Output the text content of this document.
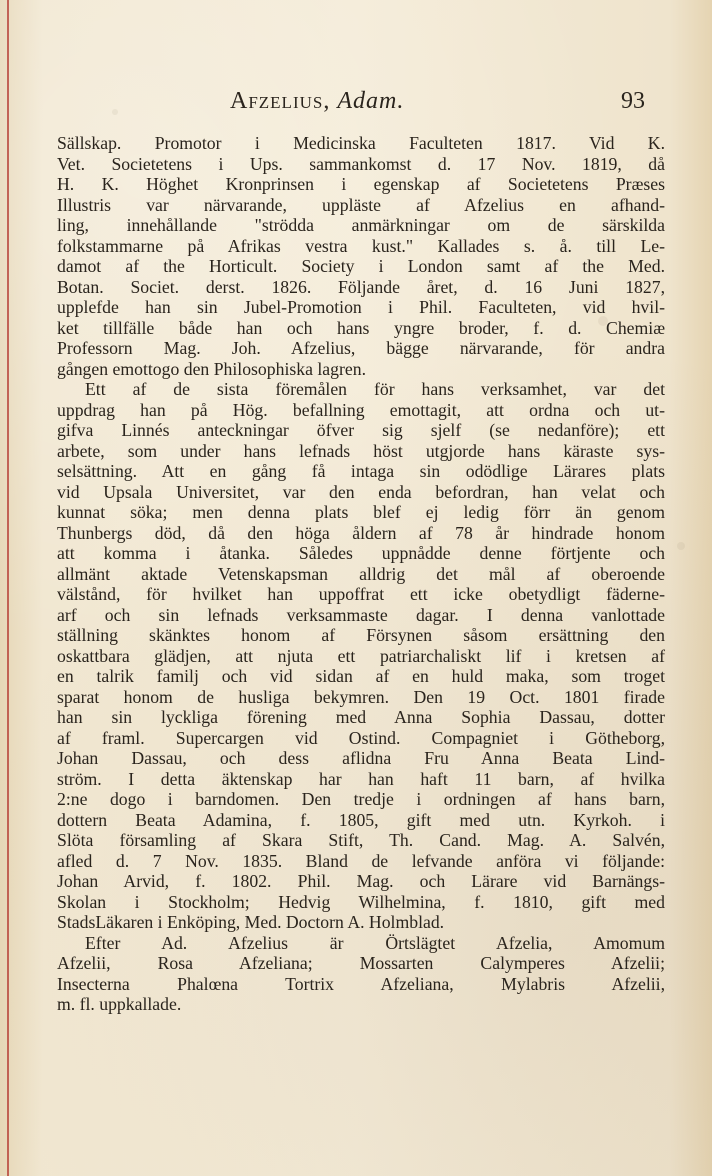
Afzelius, Adam.	93
Sällskap. Promotor i Medicinska Faculteten 1817. Vid K.
Vet. Societetens i Ups. sammankomst d. 17 Nov. 1819, då
H. K. Höghet Kronprinsen i egenskap af Societetens Præses
Illustris var närvarande, uppläste af Afzelius en afhand-
ling, innehållande "strödda anmärkningar om de särskilda
folkstammarne på Afrikas vestra kust." Kallades s. å. till Le-
damot af the Horticult. Society i London samt af the Med.
Botan. Societ. derst. 1826. Följande året, d. 16 Juni 1827,
upplefde han sin Jubel-Promotion i Phil. Faculteten, vid hvil-
ket tillfälle både han och hans yngre broder, f. d. Chemiæ
Professorn Mag. Joh. Afzelius, bägge närvarande, för andra
gången emottogo den Philosophiska lagren.
Ett af de sista föremålen för hans verksamhet, var det
uppdrag han på Hög. befallning emottagit, att ordna och ut-
gifva Linnés anteckningar öfver sig sjelf (se nedanföre); ett
arbete, som under hans lefnads höst utgjorde hans käraste sys-
selsättning. Att en gång få intaga sin odödlige Lärares plats
vid Upsala Universitet, var den enda befordran, han velat och
kunnat söka; men denna plats blef ej ledig förr än genom
Thunbergs död, då den höga åldern af 78 år hindrade honom
att komma i åtanka. Således uppnådde denne förtjente och
allmänt aktade Vetenskapsman alldrig det mål af oberoende
välstånd, för hvilket han uppoffrat ett icke obetydligt fäderne-
arf och sin lefnads verksammaste dagar. I denna vanlottade
ställning skänktes honom af Försynen såsom ersättning den
oskattbara glädjen, att njuta ett patriarchaliskt lif i kretsen af
en talrik familj och vid sidan af en huld maka, som troget
sparat honom de husliga bekymren. Den 19 Oct. 1801 firade
han sin lyckliga förening med Anna Sophia Dassau, dotter
af framl. Supercargen vid Ostind. Compagniet i Götheborg,
Johan Dassau, och dess aflidna Fru Anna Beata Lind-
ström. I detta äktenskap har han haft 11 barn, af hvilka
2:ne dogo i barndomen. Den tredje i ordningen af hans barn,
dottern Beata Adamina, f. 1805, gift med utn. Kyrkoh. i
Slöta församling af Skara Stift, Th. Cand. Mag. A. Salvén,
afled d. 7 Nov. 1835. Bland de lefvande anföra vi följande:
Johan Arvid, f. 1802. Phil. Mag. och Lärare vid Barnängs-
Skolan i Stockholm; Hedvig Wilhelmina, f. 1810, gift med
StadsLäkaren i Enköping, Med. Doctorn A. Holmblad.
Efter Ad. Afzelius är Örtslägtet Afzelia, Amomum
Afzelii, Rosa Afzeliana; Mossarten Calymperes Afzelii;
Insecterna Phalœna Tortrix Afzeliana, Mylabris Afzelii,
m. fl. uppkallade.
